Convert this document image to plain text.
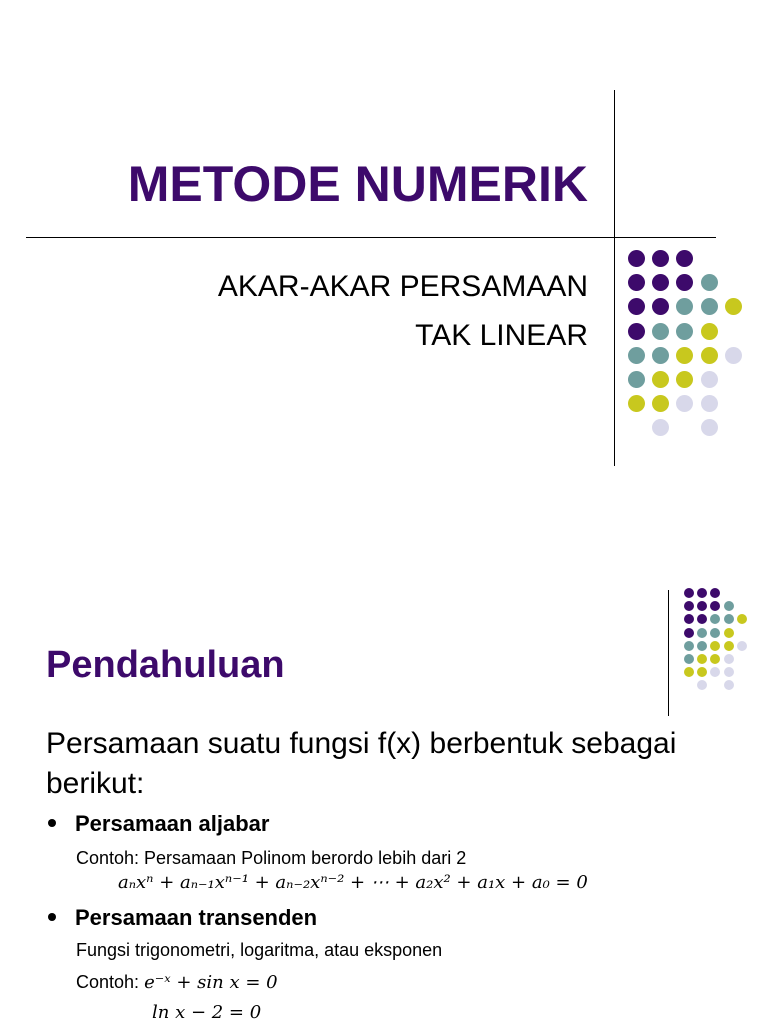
METODE NUMERIK
AKAR-AKAR PERSAMAAN
TAK LINEAR
Pendahuluan
Persamaan suatu fungsi f(x) berbentuk sebagai berikut:
Persamaan aljabar
Contoh: Persamaan Polinom berordo lebih dari 2
aₙxⁿ + aₙ₋₁xⁿ⁻¹ + aₙ₋₂xⁿ⁻² + ⋯ + a₂x² + a₁x + a₀ = 0
Persamaan transenden
Fungsi trigonometri, logaritma, atau eksponen
Contoh: e⁻ˣ + sin x = 0
ln x − 2 = 0
